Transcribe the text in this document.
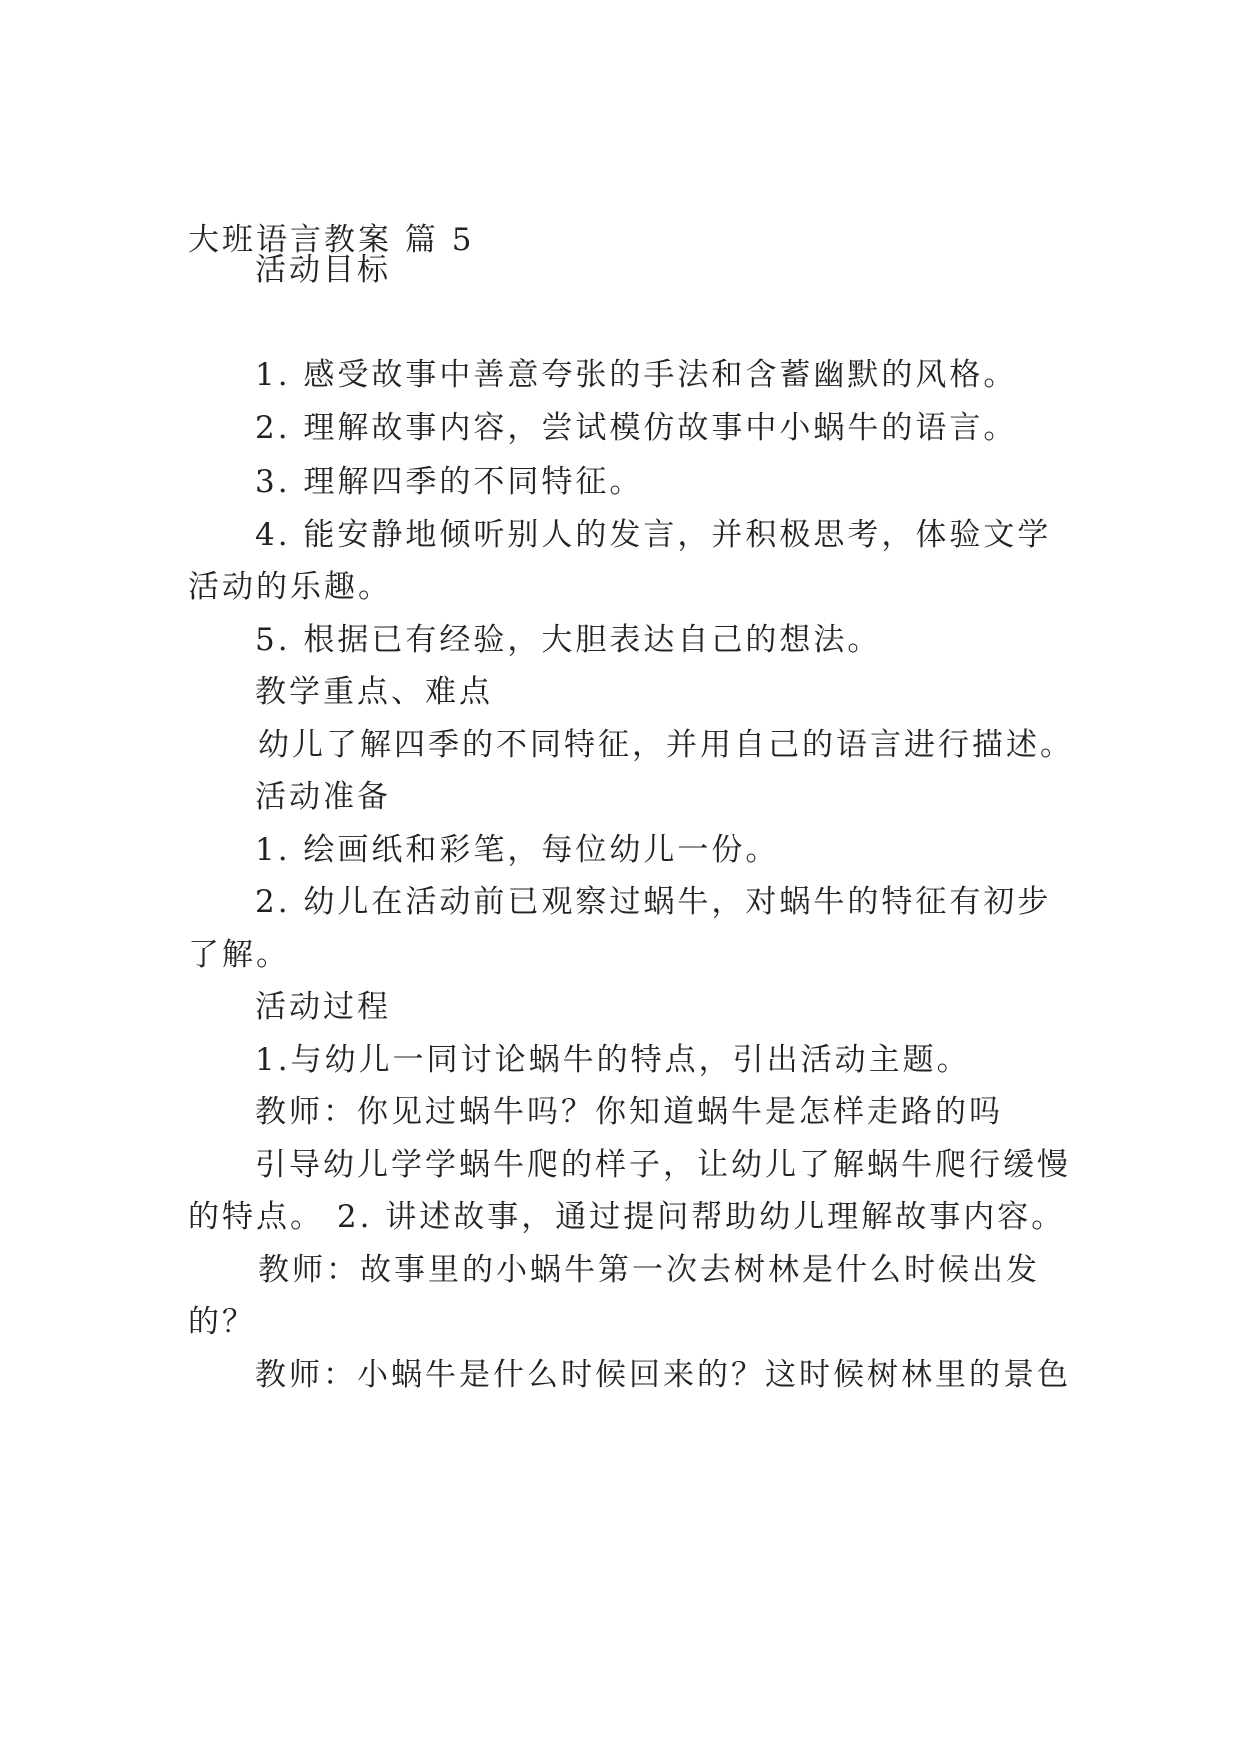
大班语言教案 篇 5
活动目标
1. 感受故事中善意夸张的手法和含蓄幽默的风格。
2. 理解故事内容，尝试模仿故事中小蜗牛的语言。
3. 理解四季的不同特征。
4. 能安静地倾听别人的发言，并积极思考，体验文学
活动的乐趣。
5. 根据已有经验，大胆表达自己的想法。
教学重点、难点
幼儿了解四季的不同特征，并用自己的语言进行描述。
活动准备
1. 绘画纸和彩笔，每位幼儿一份。
2. 幼儿在活动前已观察过蜗牛，对蜗牛的特征有初步
了解。
活动过程
1.与幼儿一同讨论蜗牛的特点，引出活动主题。
教师：你见过蜗牛吗？你知道蜗牛是怎样走路的吗
引导幼儿学学蜗牛爬的样子，让幼儿了解蜗牛爬行缓慢
的特点。 2. 讲述故事，通过提问帮助幼儿理解故事内容。
教师：故事里的小蜗牛第一次去树林是什么时候出发
的？
教师：小蜗牛是什么时候回来的？这时候树林里的景色
